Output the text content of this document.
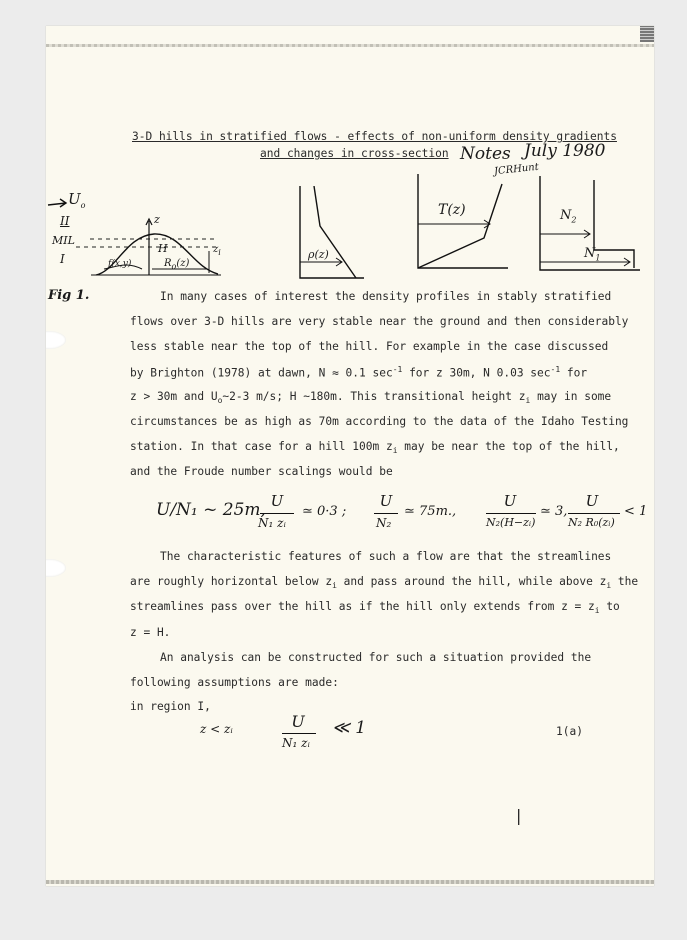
3-D hills in stratified flows - effects of non-uniform density gradients
and changes in cross-section Notes July 1980
JCRHunt
$U_o$
II
MIL
I
z
H	$z_i$
f(x,y)	$R_o(z)$
Fig 1.
ρ(z)
T(z)	$N_2$
$N_1$
In many cases of interest the density profiles in stably stratified
flows over 3-D hills are very stable near the ground and then considerably
less stable near the top of the hill. For example in the case discussed
by Brighton (1978) at dawn, N ≈ 0.1 $\sec^{-1}$ for z 30m, N 0.03 $\sec^{-1}$ for
z > 30m and $U_o\sim 2-3$ m/s; H ~180m. This transitional height $z_i$ may in some
circumstances be as high as 70m according to the data of the Idaho Testing
station. In that case for a hill 100m $z_i$ may be near the top of the hill,
and the Froude number scalings would be
U/N₁ ~ 25m, U
N₁ zᵢ
≃ 0·3 ;
U
N₂
≃ 75m.,
U
N₂(H−zᵢ)
≃ 3,
U
N₂ R₀(zᵢ)
< 1
The characteristic features of such a flow are that the streamlines
are roughly horizontal below $z_i$ and pass around the hill, while above $z_i$ the
streamlines pass over the hill as if the hill only extends from $z = z_i$ to
z = H.
An analysis can be constructed for such a situation provided the
following assumptions are made:
in region I,
z < zᵢ	U
N₁ zᵢ
≪ 1	1(a)
|
